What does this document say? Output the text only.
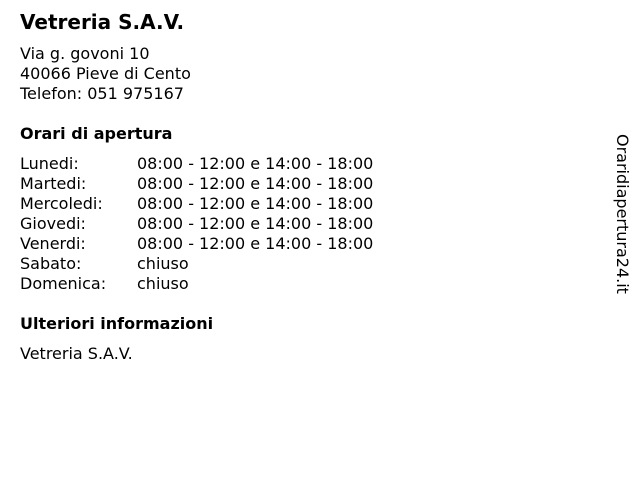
Vetreria S.A.V.
Via g. govoni 10
40066 Pieve di Cento
Telefon: 051 975167
Orari di apertura
Lunedi:	08:00 - 12:00 e 14:00 - 18:00
Martedi:	08:00 - 12:00 e 14:00 - 18:00
Mercoledi:	08:00 - 12:00 e 14:00 - 18:00
Giovedi:	08:00 - 12:00 e 14:00 - 18:00
Venerdi:	08:00 - 12:00 e 14:00 - 18:00
Sabato:	chiuso
Domenica:	chiuso
Ulteriori informazioni
Vetreria S.A.V.
Oraridiapertura24.it
